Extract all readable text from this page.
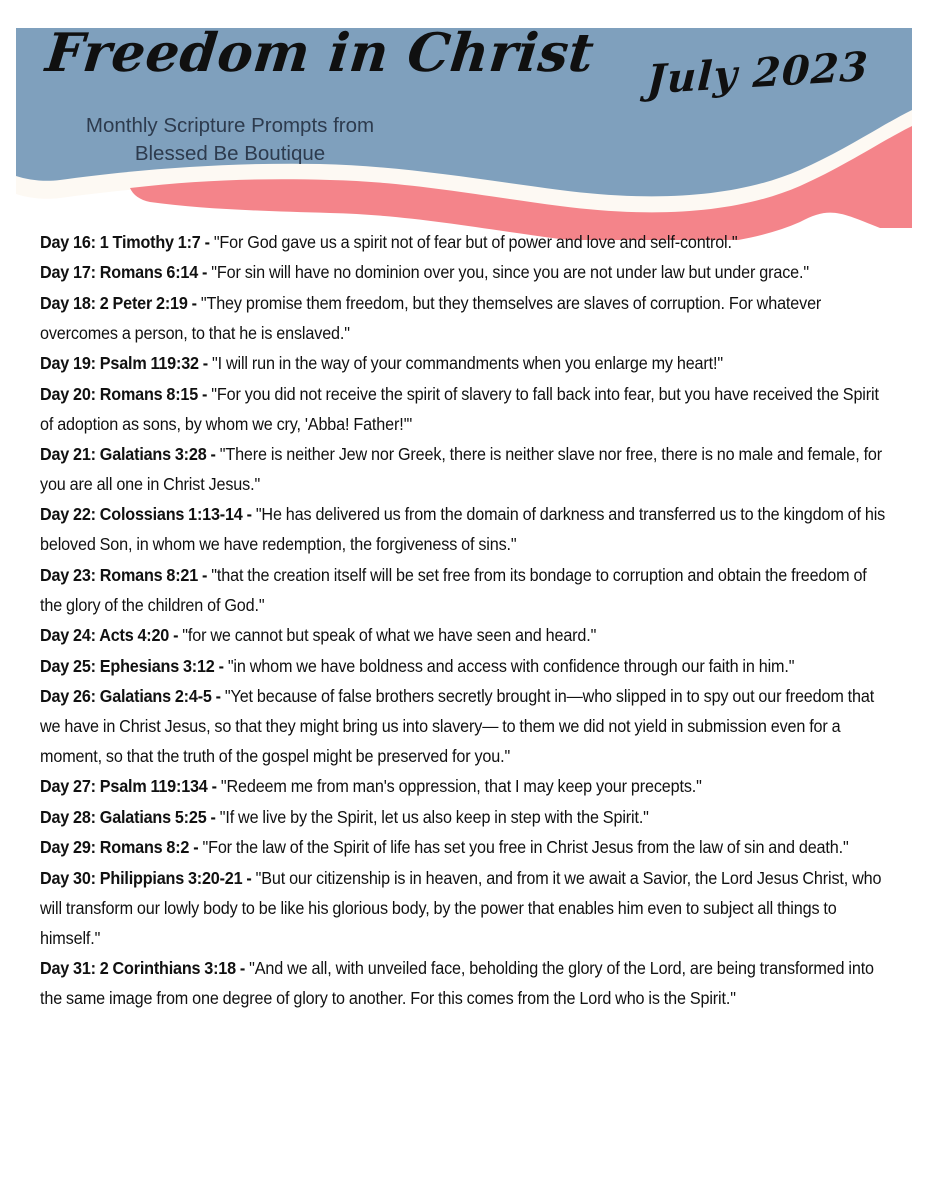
Freedom in Christ July 2023
Monthly Scripture Prompts from
Blessed Be Boutique

Day 16: 1 Timothy 1:7 - "For God gave us a spirit not of fear but of power and love and self-control."

Day 17: Romans 6:14 - "For sin will have no dominion over you, since you are not under law but under grace."

Day 18: 2 Peter 2:19 - "They promise them freedom, but they themselves are slaves of corruption. For whatever overcomes a person, to that he is enslaved."

Day 19: Psalm 119:32 - "I will run in the way of your commandments when you enlarge my heart!"

Day 20: Romans 8:15 - "For you did not receive the spirit of slavery to fall back into fear, but you have received the Spirit of adoption as sons, by whom we cry, 'Abba! Father!'"

Day 21: Galatians 3:28 - "There is neither Jew nor Greek, there is neither slave nor free, there is no male and female, for you are all one in Christ Jesus."

Day 22: Colossians 1:13-14 - "He has delivered us from the domain of darkness and transferred us to the kingdom of his beloved Son, in whom we have redemption, the forgiveness of sins."

Day 23: Romans 8:21 - "that the creation itself will be set free from its bondage to corruption and obtain the freedom of the glory of the children of God."

Day 24: Acts 4:20 - "for we cannot but speak of what we have seen and heard."

Day 25: Ephesians 3:12 - "in whom we have boldness and access with confidence through our faith in him."

Day 26: Galatians 2:4-5 - "Yet because of false brothers secretly brought in—who slipped in to spy out our freedom that we have in Christ Jesus, so that they might bring us into slavery— to them we did not yield in submission even for a moment, so that the truth of the gospel might be preserved for you."

Day 27: Psalm 119:134 - "Redeem me from man's oppression, that I may keep your precepts."

Day 28: Galatians 5:25 - "If we live by the Spirit, let us also keep in step with the Spirit."

Day 29: Romans 8:2 - "For the law of the Spirit of life has set you free in Christ Jesus from the law of sin and death."

Day 30: Philippians 3:20-21 - "But our citizenship is in heaven, and from it we await a Savior, the Lord Jesus Christ, who will transform our lowly body to be like his glorious body, by the power that enables him even to subject all things to himself."

Day 31: 2 Corinthians 3:18 - "And we all, with unveiled face, beholding the glory of the Lord, are being transformed into the same image from one degree of glory to another. For this comes from the Lord who is the Spirit."
